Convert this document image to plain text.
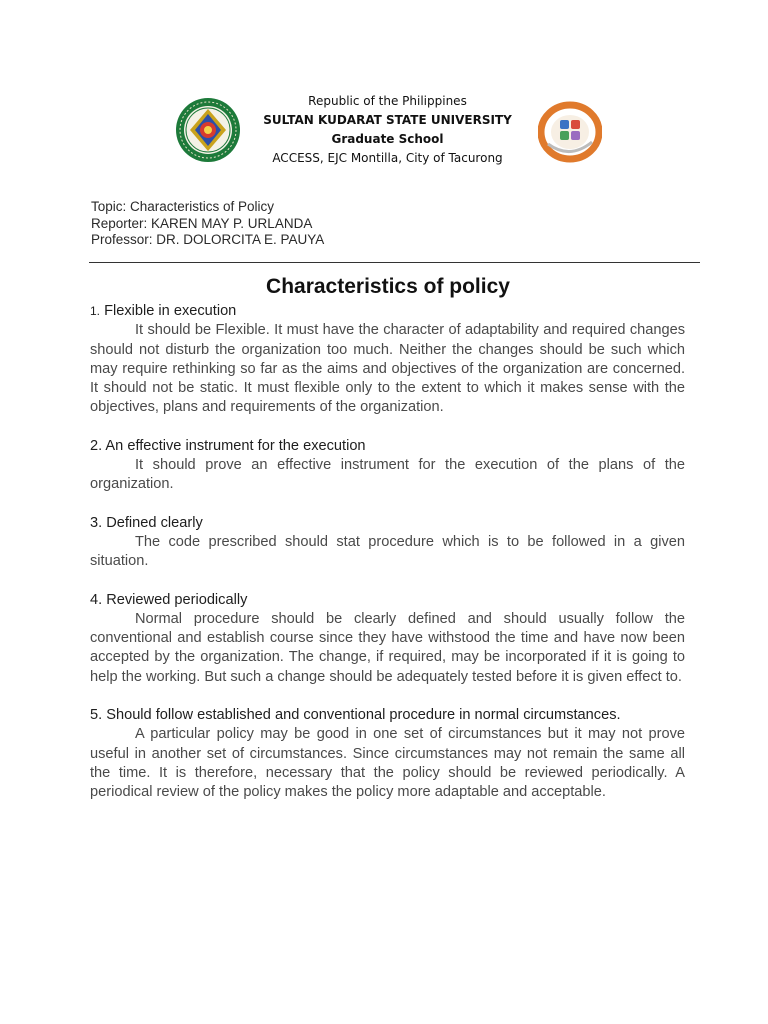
Republic of the Philippines
SULTAN KUDARAT STATE UNIVERSITY
Graduate School
ACCESS, EJC Montilla, City of Tacurong
Topic: Characteristics of Policy
Reporter: KAREN MAY P. URLANDA
Professor: DR. DOLORCITA E. PAUYA
Characteristics of policy
1. Flexible in execution
It should be Flexible. It must have the character of adaptability and required changes should not disturb the organization too much. Neither the changes should be such which may require rethinking so far as the aims and objectives of the organization are concerned. It should not be static. It must flexible only to the extent to which it makes sense with the objectives, plans and requirements of the organization.
2. An effective instrument for the execution
It should prove an effective instrument for the execution of the plans of the organization.
3. Defined clearly
The code prescribed should stat procedure which is to be followed in a given situation.
4. Reviewed periodically
Normal procedure should be clearly defined and should usually follow the conventional and establish course since they have withstood the time and have now been accepted by the organization. The change, if required, may be incorporated if it is going to help the working. But such a change should be adequately tested before it is given effect to.
5. Should follow established and conventional procedure in normal circumstances.
A particular policy may be good in one set of circumstances but it may not prove useful in another set of circumstances. Since circumstances may not remain the same all the time. It is therefore, necessary that the policy should be reviewed periodically. A periodical review of the policy makes the policy more adaptable and acceptable.
